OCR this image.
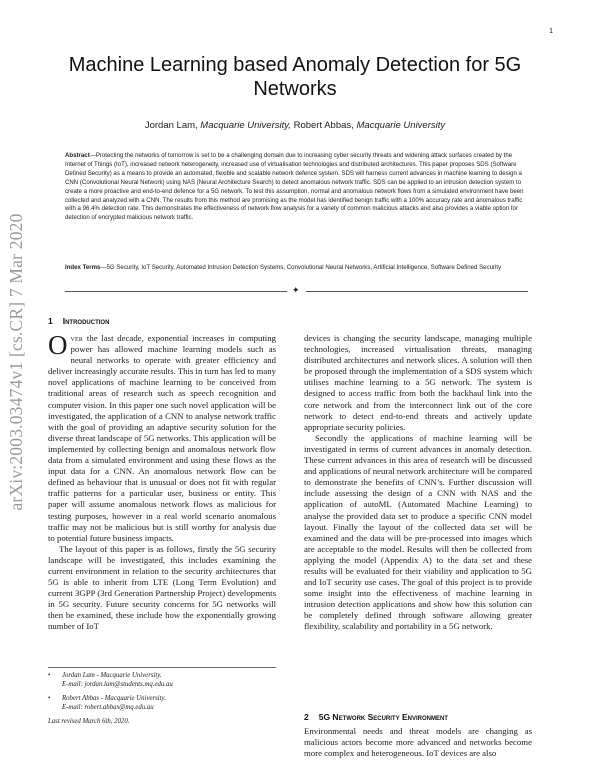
1
arXiv:2003.03474v1 [cs.CR] 7 Mar 2020
Machine Learning based Anomaly Detection for 5G Networks
Jordan Lam, Macquarie University, Robert Abbas, Macquarie University

Abstract—Protecting the networks of tomorrow is set to be a challenging domain due to increasing cyber security threats and widening attack surfaces created by the Internet of Things (IoT), increased network heterogeneity, increased use of virtualisation technologies and distributed architectures. This paper proposes SDS (Software Defined Security) as a means to provide an automated, flexible and scalable network defence system. SDS will harness current advances in machine learning to design a CNN (Convolutional Neural Network) using NAS (Neural Architecture Search) to detect anomalous network traffic. SDS can be applied to an intrusion detection system to create a more proactive and end-to-end defence for a 5G network. To test this assumption, normal and anomalous network flows from a simulated environment have been collected and analyzed with a CNN. The results from this method are promising as the model has identified benign traffic with a 100% accuracy rate and anomalous traffic with a 96.4% detection rate. This demonstrates the effectiveness of network flow analysis for a variety of common malicious attacks and also provides a viable option for detection of encrypted malicious network traffic.

Index Terms—5G Security, IoT Security, Automated Intrusion Detection Systems, Convolutional Neural Networks, Artificial Intelligence, Software Defined Security

✦
1 Introduction

Over the last decade, exponential increases in computing power has allowed machine learning models such as neural networks to operate with greater efficiency and deliver increasingly accurate results. This in turn has led to many novel applications of machine learning to be conceived from traditional areas of research such as speech recognition and computer vision. In this paper one such novel application will be investigated, the application of a CNN to analyse network traffic with the goal of providing an adaptive security solution for the diverse threat landscape of 5G networks. This application will be implemented by collecting benign and anomalous network flow data from a simulated environment and using these flows as the input data for a CNN. An anomalous network flow can be defined as behaviour that is unusual or does not fit with regular traffic patterns for a particular user, business or entity. This paper will assume anomalous network flows as malicious for testing purposes, however in a real world scenario anomalous traffic may not be malicious but is still worthy for analysis due to potential future business impacts.

The layout of this paper is as follows, firstly the 5G security landscape will be investigated, this includes examining the current environment in relation to the security architectures that 5G is able to inherit from LTE (Long Term Evolution) and current 3GPP (3rd Generation Partnership Project) developments in 5G security. Future security concerns for 5G networks will then be examined, these include how the exponentially growing number of IoT

devices is changing the security landscape, managing multiple technologies, increased virtualisation threats, managing distributed architectures and network slices. A solution will then be proposed through the implementation of a SDS system which utilises machine learning to a 5G network. The system is designed to access traffic from both the backhaul link into the core network and from the interconnect link out of the core network to detect end-to-end threats and actively update appropriate security policies.

Secondly the applications of machine learning will be investigated in terms of current advances in anomaly detection. These current advances in this area of research will be discussed and applications of neural network architecture will be compared to demonstrate the benefits of CNN’s. Further discussion will include assessing the design of a CNN with NAS and the application of autoML (Automated Machine Learning) to analyse the provided data set to produce a specific CNN model layout. Finally the layout of the collected data set will be examined and the data will be pre-processed into images which are acceptable to the model. Results will then be collected from applying the model (Appendix A) to the data set and these results will be evaluated for their viability and application to 5G and IoT security use cases. The goal of this project is to provide some insight into the effectiveness of machine learning in intrusion detection applications and show how this solution can be completely defined through software allowing greater flexibility, scalability and portability in a 5G network.

• Jordan Lam - Macquarie University.
E-mail: jordan.lam@students.mq.edu.au
• Robert Abbas - Macquarie University.
E-mail: robert.abbas@mq.edu.au
Last revised March 6th, 2020.	2 5G Network Security Environment

Environmental needs and threat models are changing as malicious actors become more advanced and networks become more complex and heterogeneous. IoT devices are also
